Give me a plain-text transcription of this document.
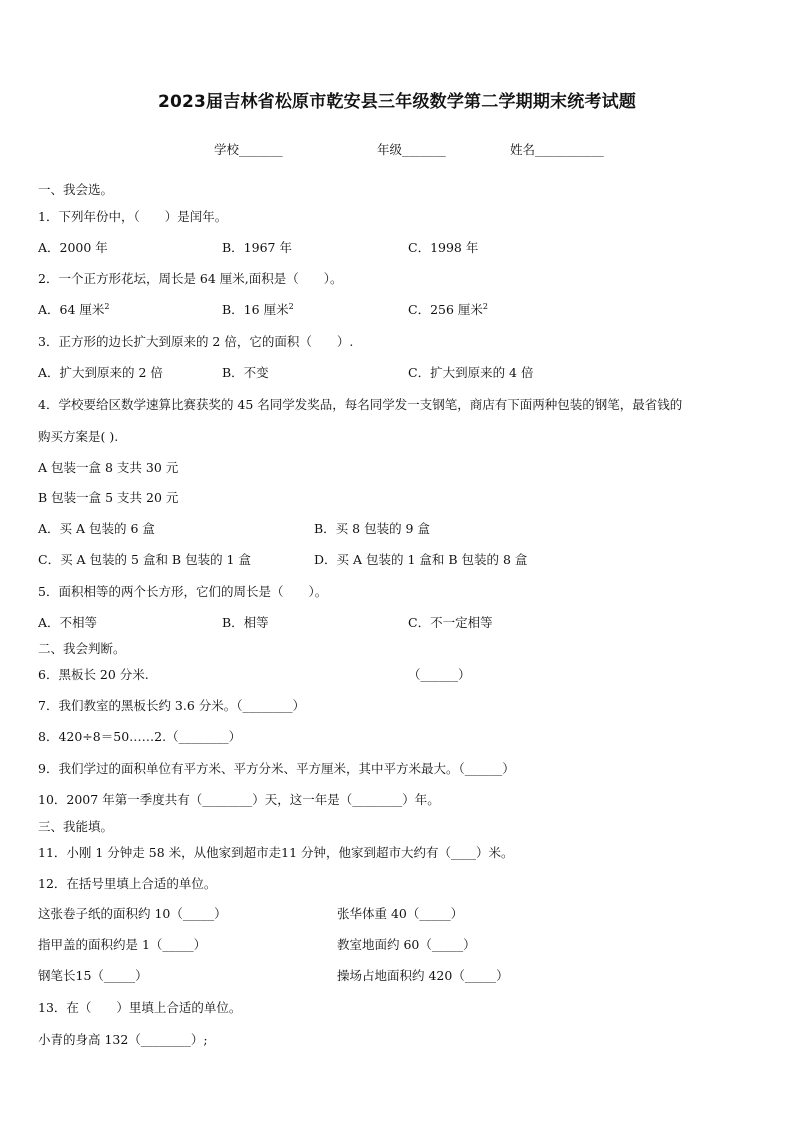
2023届吉林省松原市乾安县三年级数学第二学期期末统考试题
学校_______	年级_______	姓名___________
一、我会选。
1．下列年份中，（　　）是闰年。
A．2000 年	B．1967 年	C．1998 年
2．一个正方形花坛，周长是 64 厘米,面积是（　　）。
A．64 厘米$^2$	B．16 厘米$^2$	C．256 厘米$^2$
3．正方形的边长扩大到原来的 2 倍，它的面积（　　）.
A．扩大到原来的 2 倍	B．不变	C．扩大到原来的 4 倍
4．学校要给区数学速算比赛获奖的 45 名同学发奖品，每名同学发一支钢笔，商店有下面两种包装的钢笔，最省钱的
购买方案是( ).
A 包装一盒 8 支共 30 元
B 包装一盒 5 支共 20 元
A．买 A 包装的 6 盒	B．买 8 包装的 9 盒
C．买 A 包装的 5 盒和 B 包装的 1 盒	D．买 A 包装的 1 盒和 B 包装的 8 盒
5．面积相等的两个长方形，它们的周长是（　　）。
A．不相等	B．相等	C．不一定相等
二、我会判断。
6．黑板长 20 分米.	（______）
7．我们教室的黑板长约 3.6 分米。（________）
8．420÷8＝50……2.（________）
9．我们学过的面积单位有平方米、平方分米、平方厘米，其中平方米最大。（______）
10．2007 年第一季度共有（________）天，这一年是（________）年。
三、我能填。
11．小刚 1 分钟走 58 米，从他家到超市走11 分钟，他家到超市大约有（____）米。
12．在括号里填上合适的单位。
这张卷子纸的面积约 10（_____）	张华体重 40（_____）
指甲盖的面积约是 1（_____）	教室地面约 60（_____）
钢笔长15（_____）	操场占地面积约 420（_____）
13．在（　　）里填上合适的单位。
小青的身高 132（________）;
